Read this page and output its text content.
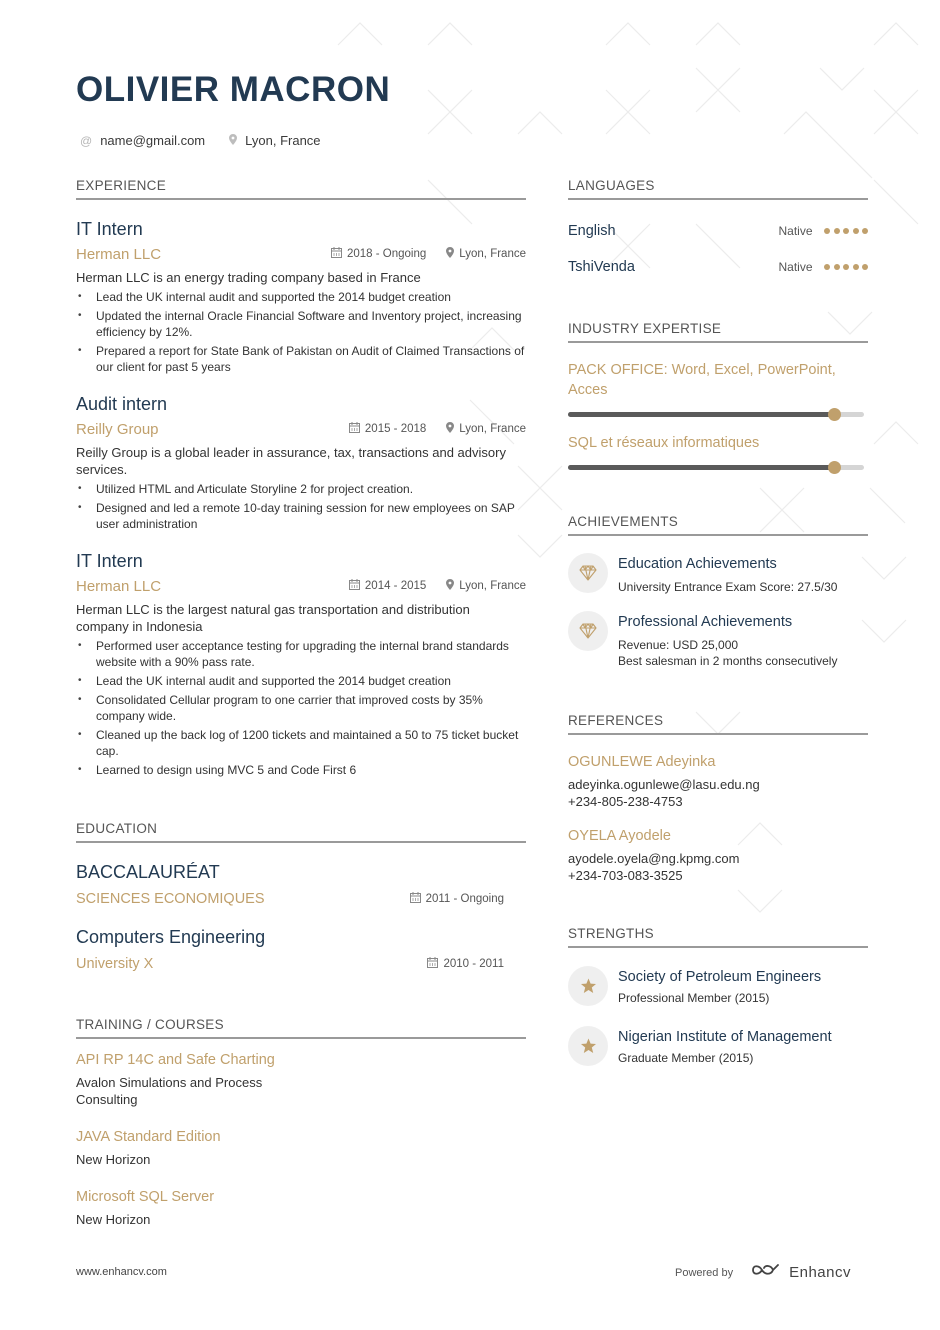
OLIVIER MACRON
@ name@gmail.com	Lyon, France
EXPERIENCE
IT Intern
Herman LLC	2018 - Ongoing	Lyon, France
Herman LLC is an energy trading company based in France
• Lead the UK internal audit and supported the 2014 budget creation
• Updated the internal Oracle Financial Software and Inventory project, increasing efficiency by 12%.
• Prepared a report for State Bank of Pakistan on Audit of Claimed Transactions of our client for past 5 years
Audit intern
Reilly Group	2015 - 2018	Lyon, France
Reilly Group is a global leader in assurance, tax, transactions and advisory services.
• Utilized HTML and Articulate Storyline 2 for project creation.
• Designed and led a remote 10-day training session for new employees on SAP user administration
IT Intern
Herman LLC	2014 - 2015	Lyon, France
Herman LLC is the largest natural gas transportation and distribution company in Indonesia
• Performed user acceptance testing for upgrading the internal brand standards website with a 90% pass rate.
• Lead the UK internal audit and supported the 2014 budget creation
• Consolidated Cellular program to one carrier that improved costs by 35% company wide.
• Cleaned up the back log of 1200 tickets and maintained a 50 to 75 ticket bucket cap.
• Learned to design using MVC 5 and Code First 6
EDUCATION
BACCALAURÉAT
SCIENCES ECONOMIQUES	2011 - Ongoing
Computers Engineering
University X	2010 - 2011
TRAINING / COURSES
API RP 14C and Safe Charting
Avalon Simulations and Process Consulting
JAVA Standard Edition
New Horizon
Microsoft SQL Server
New Horizon
LANGUAGES
English	Native
TshiVenda	Native
INDUSTRY EXPERTISE
PACK OFFICE: Word, Excel, PowerPoint, Acces
SQL et réseaux informatiques
ACHIEVEMENTS
Education Achievements
University Entrance Exam Score: 27.5/30
Professional Achievements
Revenue: USD 25,000
Best salesman in 2 months consecutively
REFERENCES
OGUNLEWE Adeyinka
adeyinka.ogunlewe@lasu.edu.ng
+234-805-238-4753
OYELA Ayodele
ayodele.oyela@ng.kpmg.com
+234-703-083-3525
STRENGTHS
Society of Petroleum Engineers
Professional Member (2015)
Nigerian Institute of Management
Graduate Member (2015)
www.enhancv.com	Powered by	Enhancv
